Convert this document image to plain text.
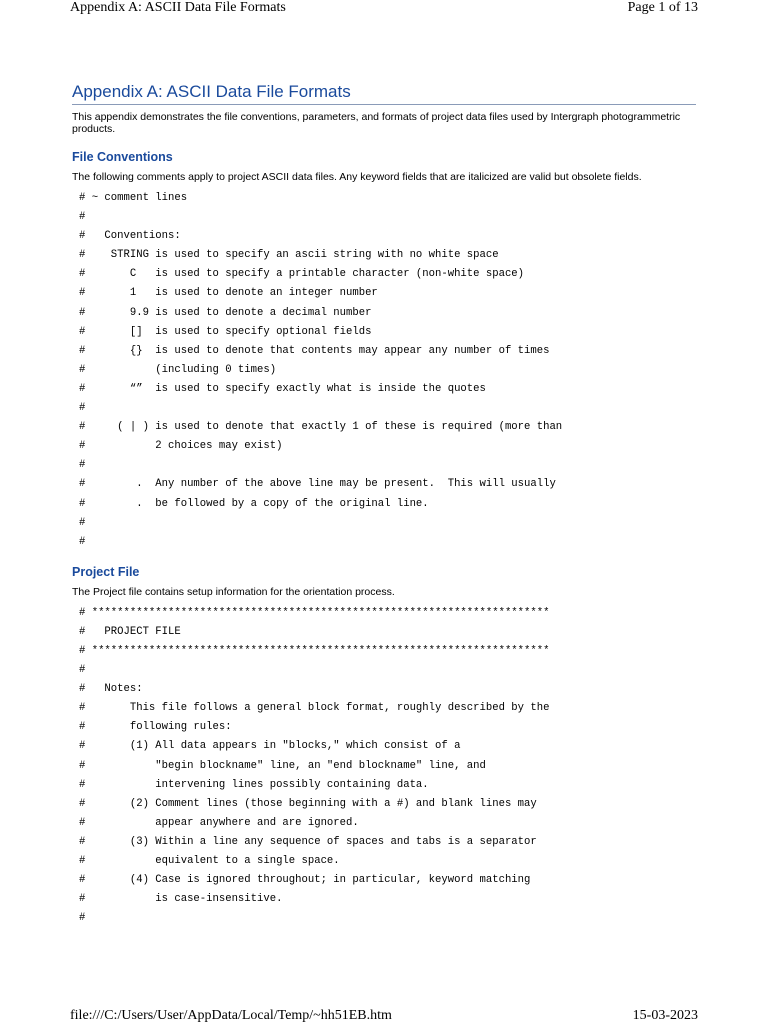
Appendix A: ASCII Data File Formats	Page 1 of 13
Appendix A: ASCII Data File Formats

This appendix demonstrates the file conventions, parameters, and formats of project data files used by Intergraph photogrammetric products.

File Conventions

The following comments apply to project ASCII data files. Any keyword fields that are italicized are valid but obsolete fields.

# ~ comment lines
#
#   Conventions:
#    STRING is used to specify an ascii string with no white space
#       C   is used to specify a printable character (non-white space)
#       1   is used to denote an integer number
#       9.9 is used to denote a decimal number
#       []  is used to specify optional fields
#       {}  is used to denote that contents may appear any number of times
#           (including 0 times)
#       “”  is used to specify exactly what is inside the quotes
#
#     ( | ) is used to denote that exactly 1 of these is required (more than
#           2 choices may exist)
#
#        .  Any number of the above line may be present.  This will usually
#        .  be followed by a copy of the original line.
#
#
Project File

The Project file contains setup information for the orientation process.

# ************************************************************************
#   PROJECT FILE
# ************************************************************************
#
#   Notes:
#       This file follows a general block format, roughly described by the
#       following rules:
#       (1) All data appears in "blocks," which consist of a
#           "begin blockname" line, an "end blockname" line, and
#           intervening lines possibly containing data.
#       (2) Comment lines (those beginning with a #) and blank lines may
#           appear anywhere and are ignored.
#       (3) Within a line any sequence of spaces and tabs is a separator
#           equivalent to a single space.
#       (4) Case is ignored throughout; in particular, keyword matching
#           is case-insensitive.
#
file:///C:/Users/User/AppData/Local/Temp/~hh51EB.htm	15-03-2023
